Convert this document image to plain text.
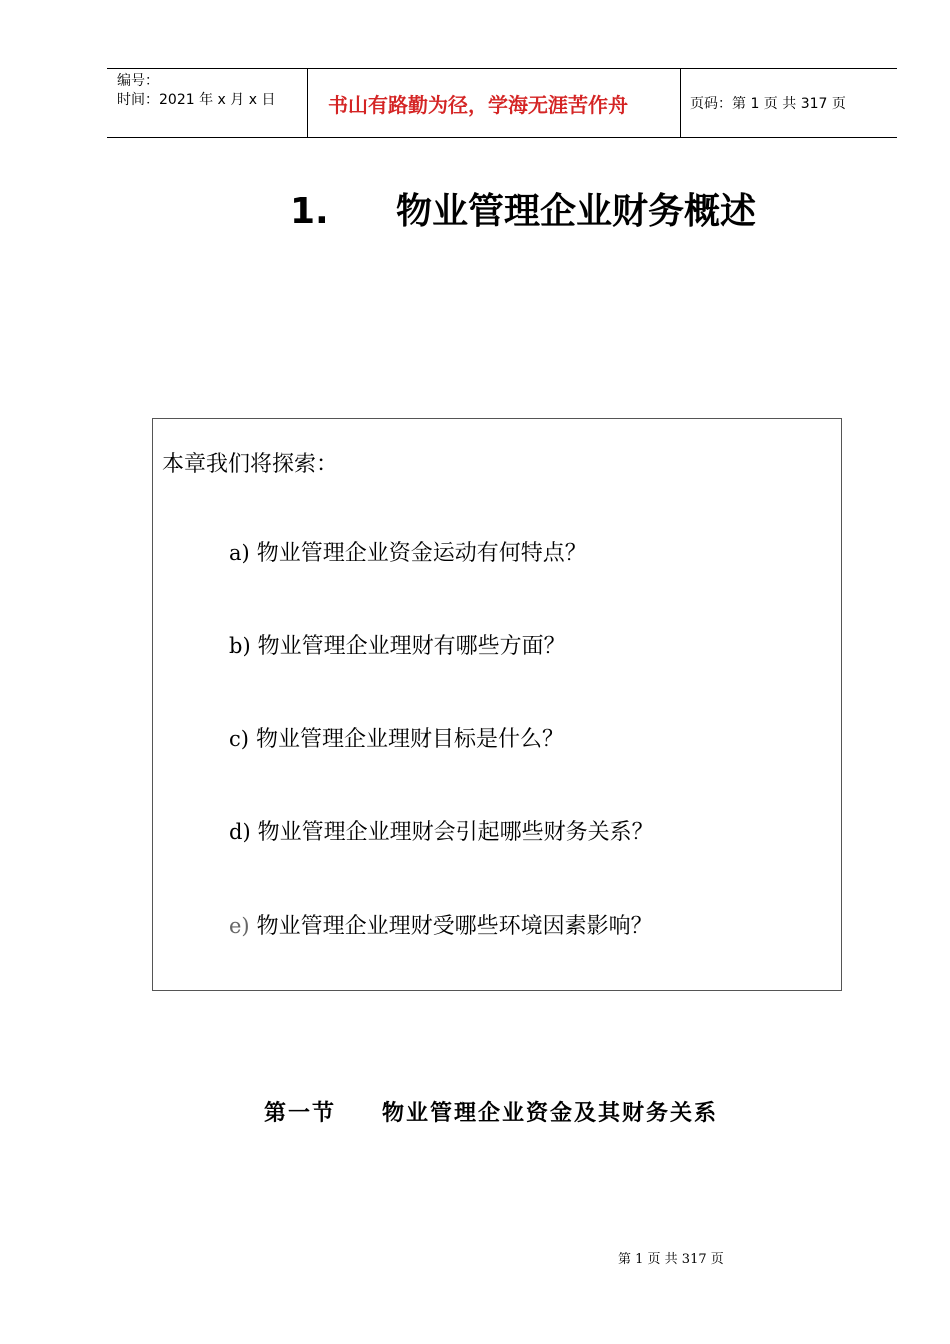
编号：
时间：2021 年 x 月 x 日	书山有路勤为径，学海无涯苦作舟	页码：第 1 页 共 317 页
1. 物业管理企业财务概述
本章我们将探索：
a) 物业管理企业资金运动有何特点？
b) 物业管理企业理财有哪些方面？
c) 物业管理企业理财目标是什么？
d) 物业管理企业理财会引起哪些财务关系？
e) 物业管理企业理财受哪些环境因素影响？
第一节 物业管理企业资金及其财务关系
第 1 页 共 317 页
